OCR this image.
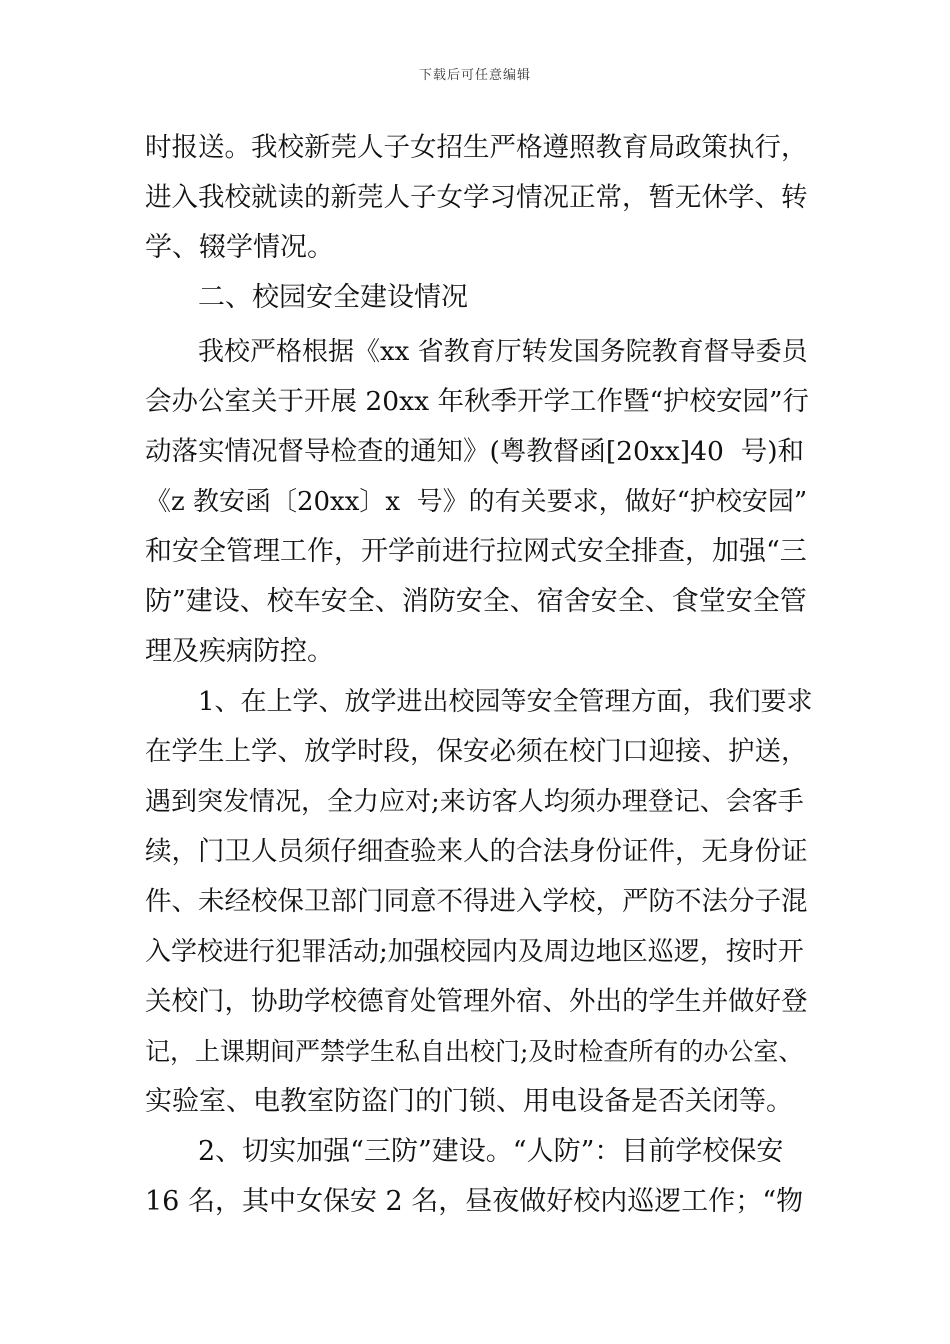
下载后可任意编辑
时报送。我校新莞人子女招生严格遵照教育局政策执行，
进入我校就读的新莞人子女学习情况正常，暂无休学、转
学、辍学情况。
二、校园安全建设情况
我校严格根据《xx 省教育厅转发国务院教育督导委员
会办公室关于开展 20xx 年秋季开学工作暨“护校安园”行
动落实情况督导检查的通知》(粤教督函[20xx]40  号)和
《z 教安函〔20xx〕x  号》的有关要求，做好“护校安园”
和安全管理工作，开学前进行拉网式安全排查，加强“三
防”建设、校车安全、消防安全、宿舍安全、食堂安全管
理及疾病防控。
1、在上学、放学进出校园等安全管理方面，我们要求
在学生上学、放学时段，保安必须在校门口迎接、护送，
遇到突发情况，全力应对;来访客人均须办理登记、会客手
续，门卫人员须仔细查验来人的合法身份证件，无身份证
件、未经校保卫部门同意不得进入学校，严防不法分子混
入学校进行犯罪活动;加强校园内及周边地区巡逻，按时开
关校门，协助学校德育处管理外宿、外出的学生并做好登
记，上课期间严禁学生私自出校门;及时检查所有的办公室、
实验室、电教室防盗门的门锁、用电设备是否关闭等。
2、切实加强“三防”建设。“人防”：目前学校保安
16 名，其中女保安 2 名，昼夜做好校内巡逻工作；“物
